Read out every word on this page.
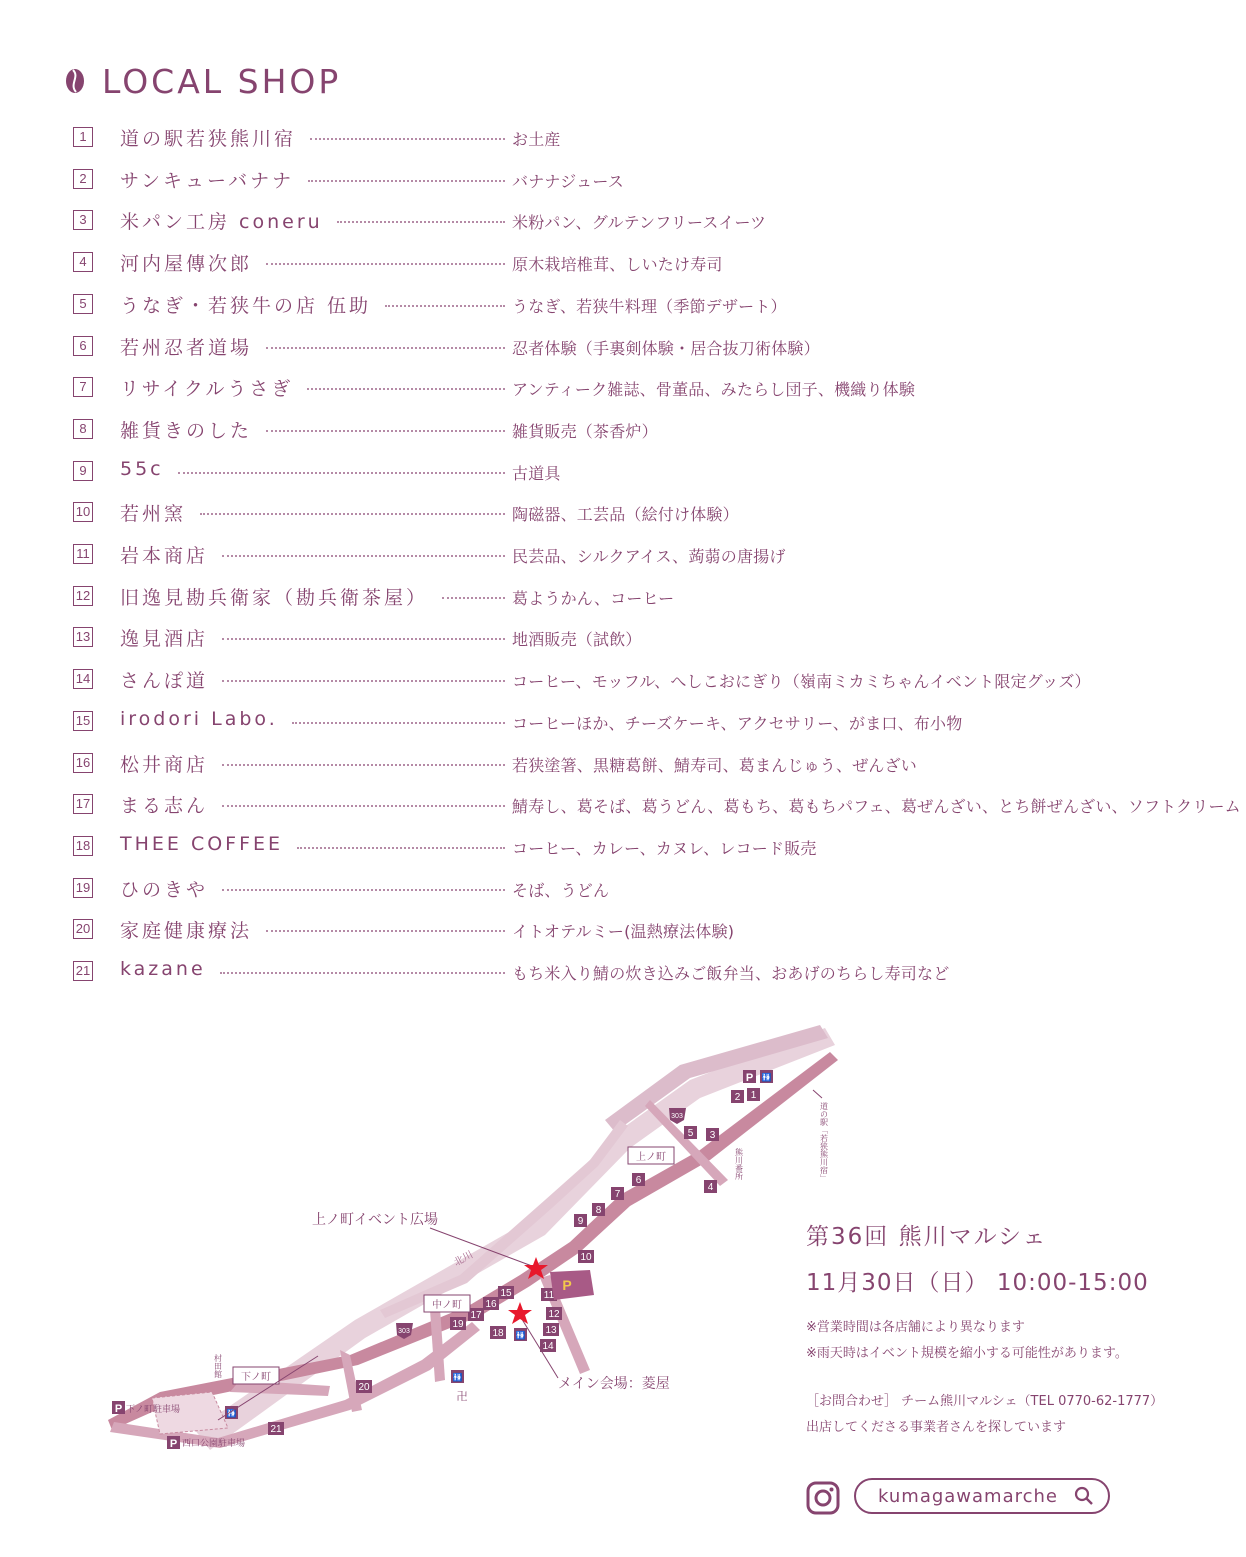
LOCAL SHOP
1	道の駅若狭熊川宿	お土産
2	サンキューバナナ	バナナジュース
3	米パン工房 coneru	米粉パン、グルテンフリースイーツ
4	河内屋傳次郎	原木栽培椎茸、しいたけ寿司
5	うなぎ・若狭牛の店 伍助	うなぎ、若狭牛料理（季節デザート）
6	若州忍者道場	忍者体験（手裏剣体験・居合抜刀術体験）
7	リサイクルうさぎ	アンティーク雑誌、骨董品、みたらし団子、機織り体験
8	雑貨きのした	雑貨販売（茶香炉）
9	55c	古道具
10 若州窯	陶磁器、工芸品（絵付け体験）
11 岩本商店	民芸品、シルクアイス、蒟蒻の唐揚げ
12 旧逸見勘兵衛家（勘兵衛茶屋）	葛ようかん、コーヒー
13 逸見酒店	地酒販売（試飲）
14 さんぽ道	コーヒー、モッフル、へしこおにぎり（嶺南ミカミちゃんイベント限定グッズ）
15 irodori Labo.	コーヒーほか、チーズケーキ、アクセサリー、がま口、布小物
16 松井商店	若狭塗箸、黒糖葛餅、鯖寿司、葛まんじゅう、ぜんざい
17 まる志ん	鯖寿し、葛そば、葛うどん、葛もち、葛もちパフェ、葛ぜんざい、とち餅ぜんざい、ソフトクリーム
18 THEE COFFEE	コーヒー、カレー、カヌレ、レコード販売
19 ひのきや	そば、うどん
20 家庭健康療法	イトオテルミー(温熱療法体験)
21 kazane	もち米入り鯖の炊き込みご飯弁当、おあげのちらし寿司など
1
2
3
4
5
6
7
8
9
10
11
12
13
14
15
16
17
18
19
20
21
303
303
P
P
P
P
🚻
🚻
🚻
🚻
卍
上ノ町
中ノ町
下ノ町
北川
熊川番所	道の駅「若狭熊川宿」
村田館
下ノ町駐車場
西口公園駐車場
上ノ町イベント広場
メイン会場：菱屋
第36回 熊川マルシェ
11月30日（日） 10:00-15:00
※営業時間は各店舗により異なります
※雨天時はイベント規模を縮小する可能性があります。
［お問合わせ］ チーム熊川マルシェ（TEL 0770-62-1777）
出店してくださる事業者さんを探しています
kumagawamarche
